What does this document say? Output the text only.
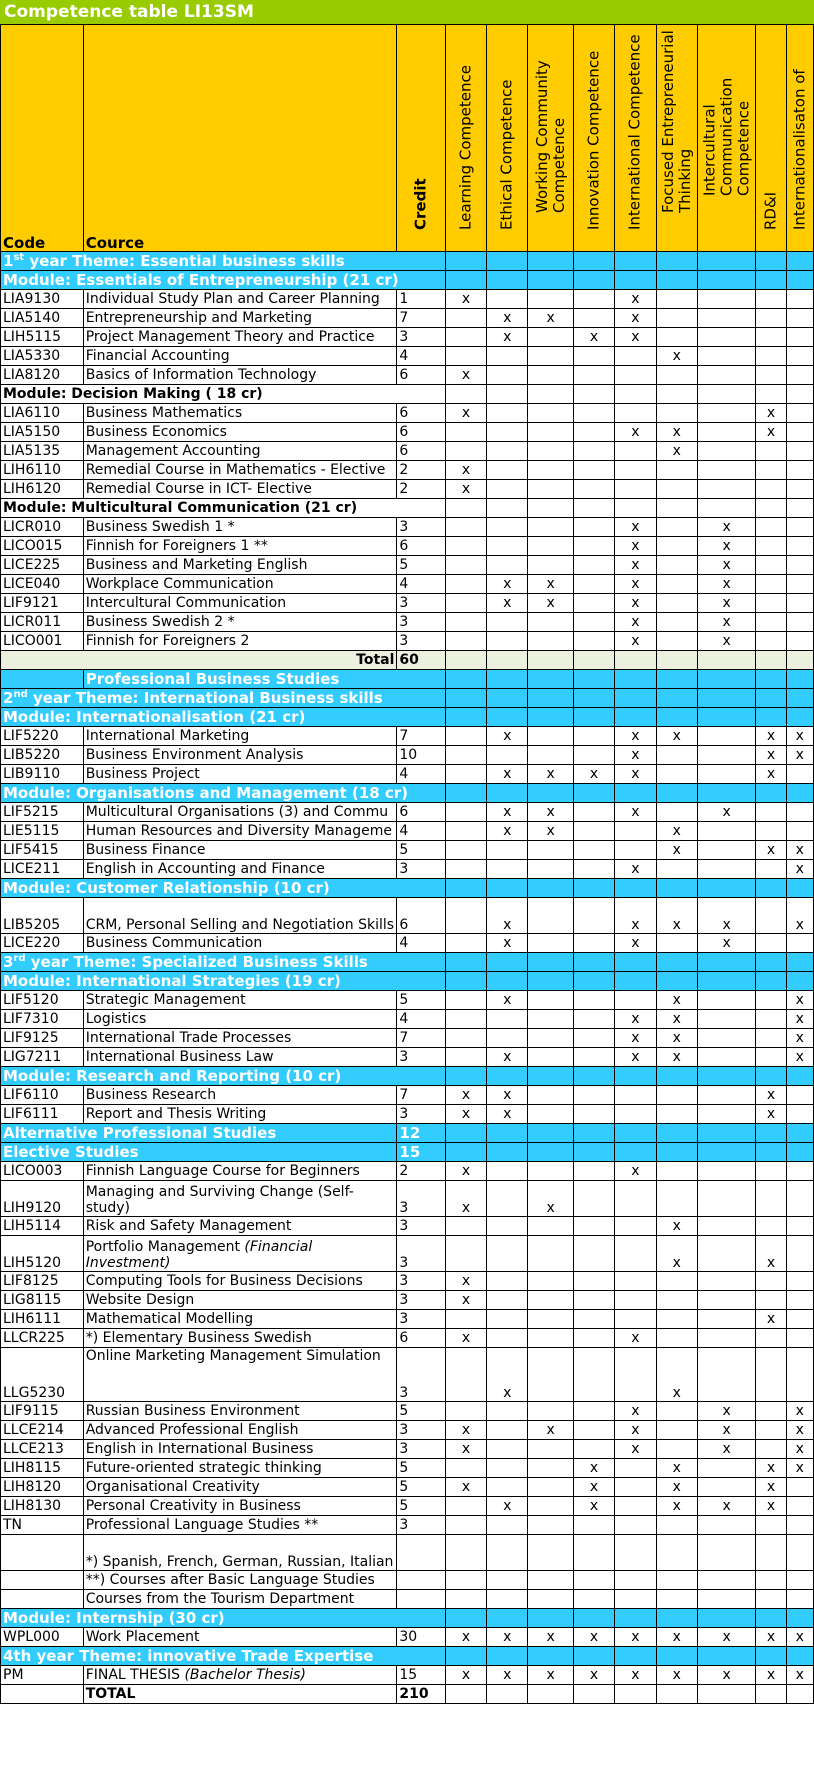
Competence table LI13SM
Code	Cource	Credit	Learning Competence	Ethical Competence	Working Community Competence	Innovation Competence	International Competence	Focused Entrepreneurial Thinking	Intercultural Communication Competence	RD&I	Internationalisaton of

1st year Theme: Essential business skills											
Module: Essentials of Entrepreneurship (21 cr)											
LIA9130	Individual Study Plan and Career Planning	1	x				x				
LIA5140	Entrepreneurship and Marketing	7		x	x		x				
LIH5115	Project Management Theory and Practice	3		x		x	x				
LIA5330	Financial Accounting	4						x			
LIA8120	Basics of Information Technology	6	x								
Module: Decision Making ( 18 cr)											
LIA6110	Business Mathematics	6	x							x	
LIA5150	Business Economics	6					x	x		x	
LIA5135	Management Accounting	6						x			
LIH6110	Remedial Course in Mathematics - Elective	2	x								
LIH6120	Remedial Course in ICT- Elective	2	x								
Module: Multicultural Communication (21 cr)											
LICR010	Business Swedish 1 *	3					x		x		
LICO015	Finnish for Foreigners 1 **	6					x		x		
LICE225	Business and Marketing English	5					x		x		
LICE040	Workplace Communication	4		x	x		x		x		
LIF9121	Intercultural Communication	3		x	x		x		x		
LICR011	Business Swedish 2 *	3					x		x		
LICO001	Finnish for Foreigners 2	3					x		x		
Total		60									
	Professional Business Studies										
2nd year Theme: International Business skills											
Module: Internationalisation (21 cr)											
LIF5220	International Marketing	7		x			x	x		x	x
LIB5220	Business Environment Analysis	10					x			x	x
LIB9110	Business Project	4		x	x	x	x			x	
Module: Organisations and Management (18 cr)											
LIF5215	Multicultural Organisations (3) and Commu	6		x	x		x		x		
LIE5115	Human Resources and Diversity Manageme	4		x	x			x			
LIF5415	Business Finance	5						x		x	x
LICE211	English in Accounting and Finance	3					x				x
Module: Customer Relationship (10 cr)											
LIB5205	CRM, Personal Selling and Negotiation Skills	6		x			x	x	x		x
LICE220	Business Communication	4		x			x		x		
3rd year Theme: Specialized Business Skills											
Module: International Strategies (19 cr)											
LIF5120	Strategic Management	5		x				x			x
LIF7310	Logistics	4					x	x			x
LIF9125	International Trade Processes	7					x	x			x
LIG7211	International Business Law	3		x			x	x			x
Module: Research and Reporting (10 cr)											
LIF6110	Business Research	7	x	x						x	
LIF6111	Report and Thesis Writing	3	x	x						x	
Alternative Professional Studies		12									
Elective Studies		15									
LICO003	Finnish Language Course for Beginners	2	x				x				
LIH9120	Managing and Surviving Change (Self-study)	3	x		x						
LIH5114	Risk and Safety Management	3						x			
LIH5120	Portfolio Management (Financial Investment)	3						x		x	
LIF8125	Computing Tools for Business Decisions	3	x								
LIG8115	Website Design	3	x								
LIH6111	Mathematical Modelling	3								x	
LLCR225	*) Elementary Business Swedish	6	x				x				
LLG5230	Online Marketing Management Simulation	3		x				x			
LIF9115	Russian Business Environment	5					x		x		x
LLCE214	Advanced Professional English	3	x		x		x		x		x
LLCE213	English in International Business	3	x				x		x		x
LIH8115	Future-oriented strategic thinking	5				x		x		x	x
LIH8120	Organisational Creativity	5	x			x		x		x	
LIH8130	Personal Creativity in Business	5		x		x		x	x	x	
TN	Professional Language Studies **	3									
	*) Spanish, French, German, Russian, Italian										
	**) Courses after Basic Language Studies										
	Courses from the Tourism Department										
Module: Internship (30 cr)											
WPL000	Work Placement	30	x	x	x	x	x	x	x	x	x
4th year Theme: innovative Trade Expertise											
PM	FINAL THESIS (Bachelor Thesis)	15	x	x	x	x	x	x	x	x	x
	TOTAL	210									
